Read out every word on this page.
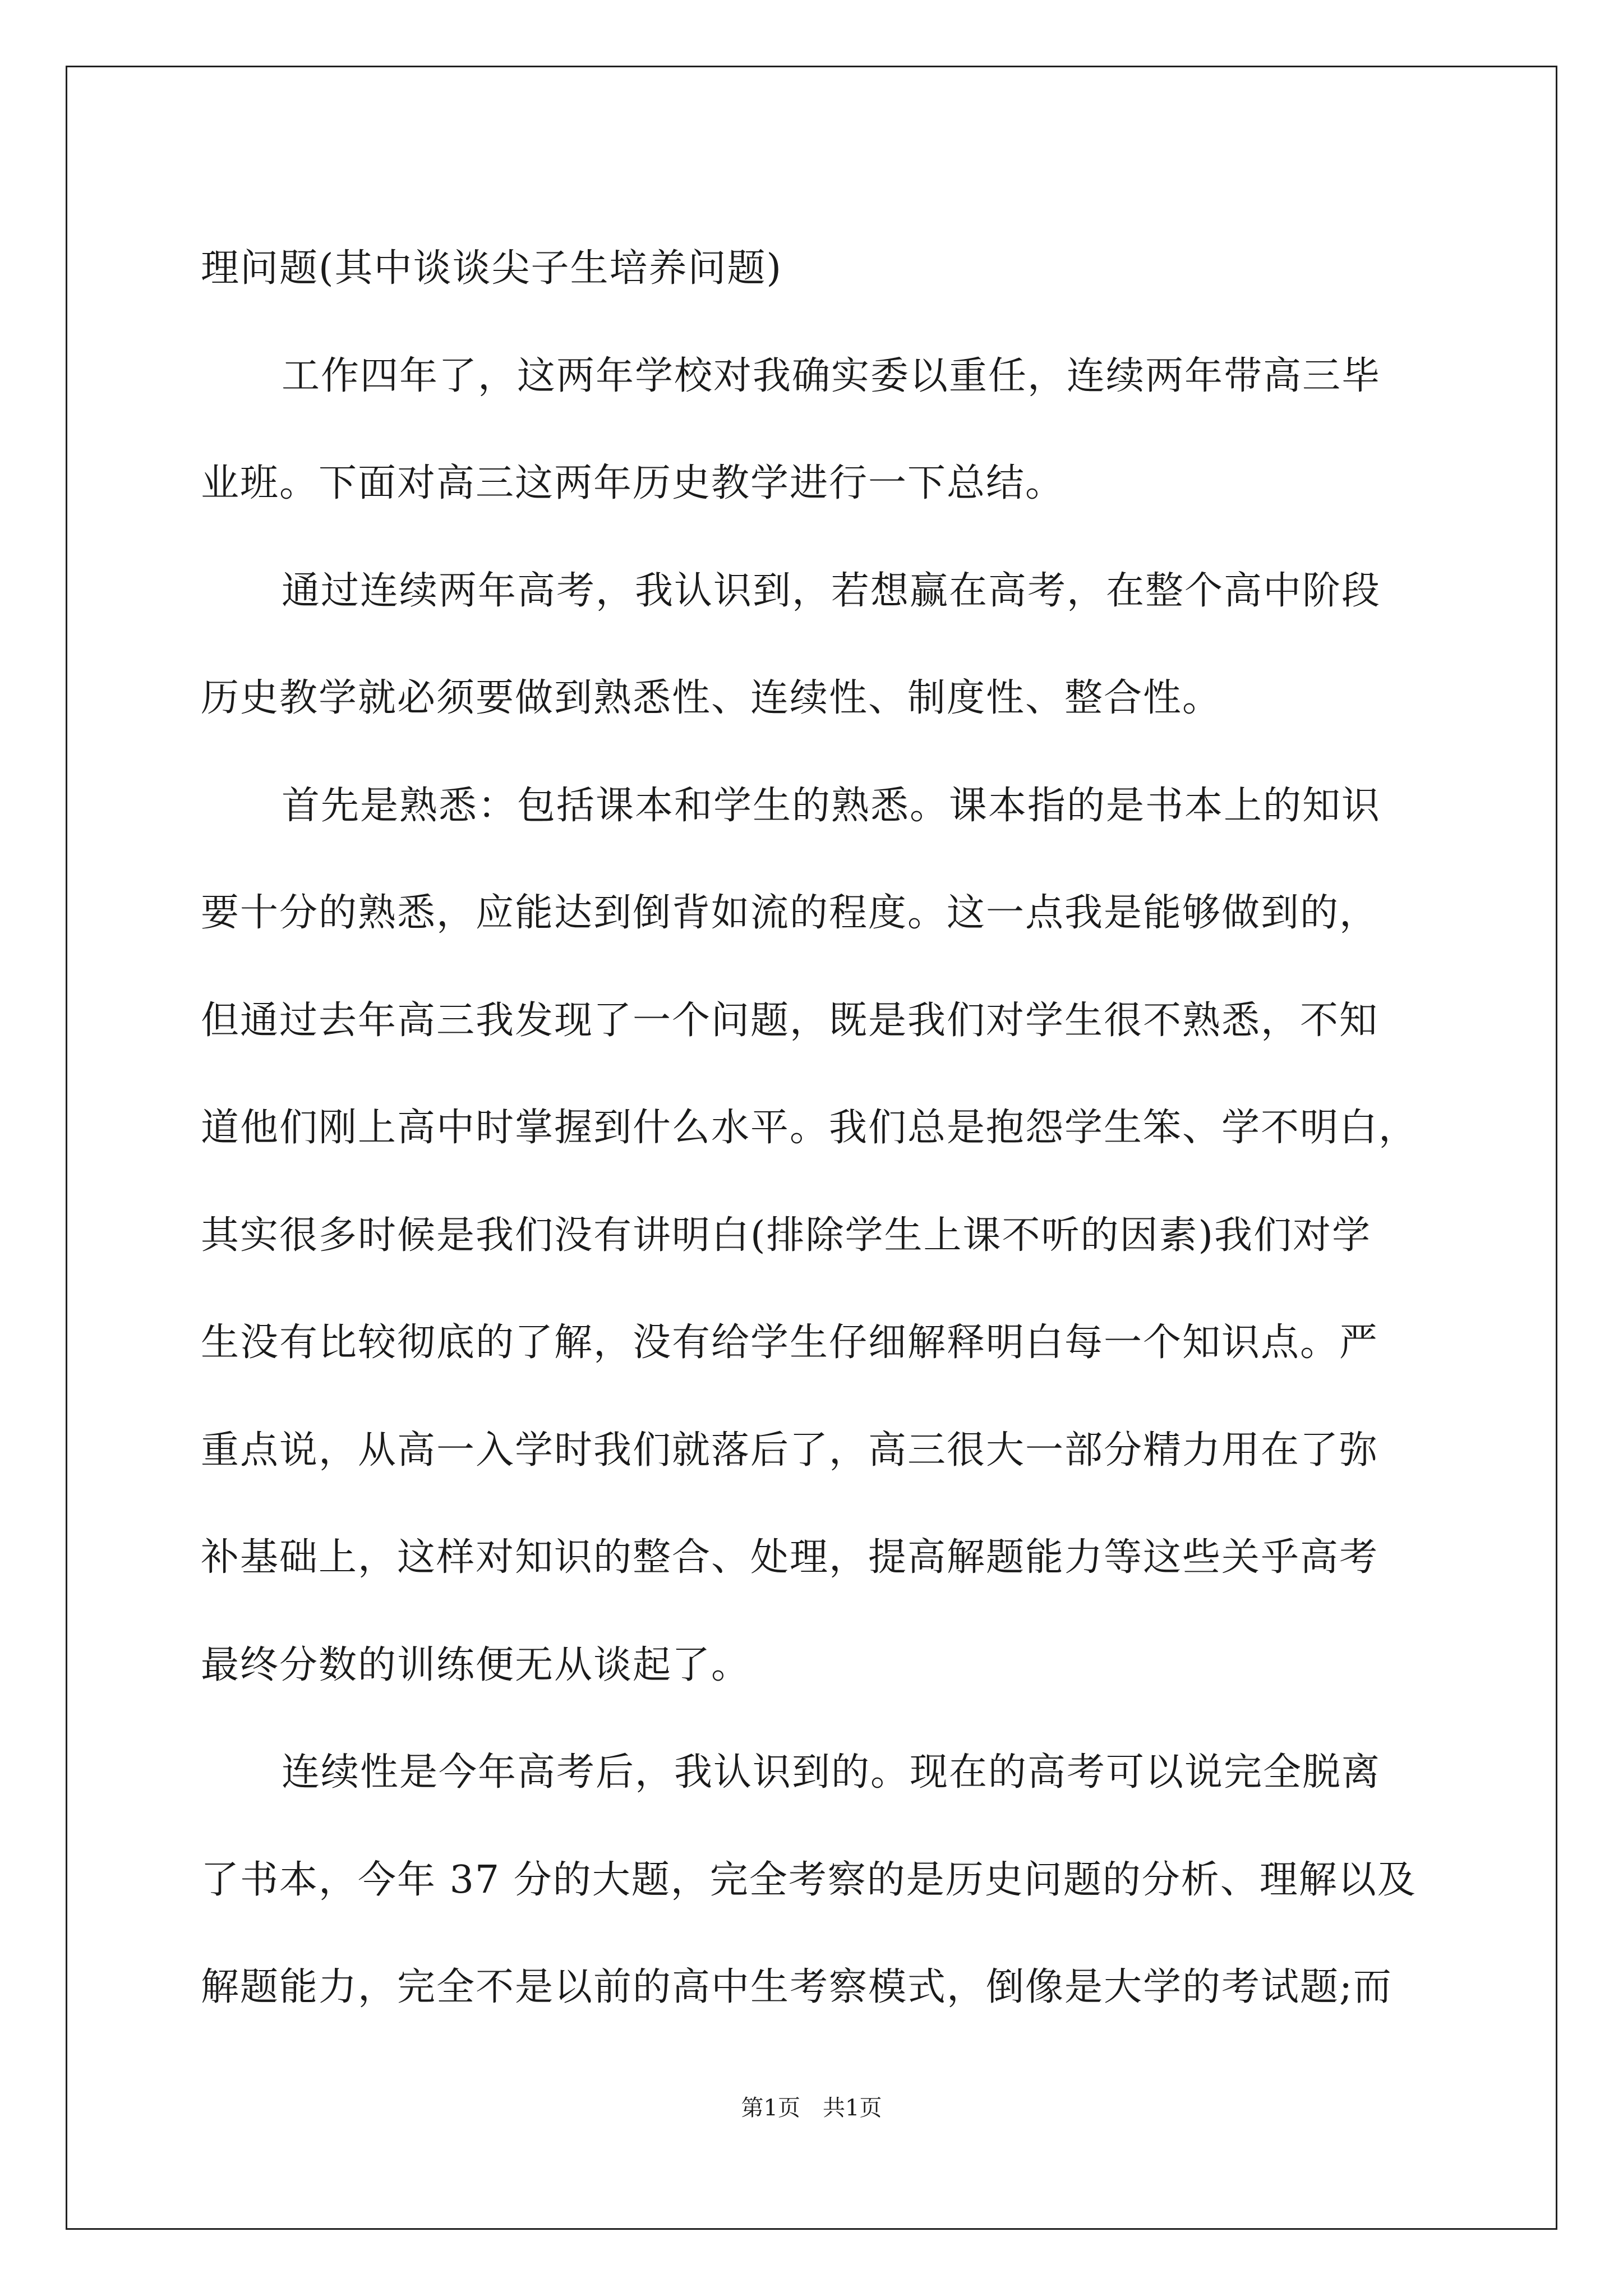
理问题(其中谈谈尖子生培养问题)
工作四年了，这两年学校对我确实委以重任，连续两年带高三毕
业班。下面对高三这两年历史教学进行一下总结。
通过连续两年高考，我认识到，若想赢在高考，在整个高中阶段
历史教学就必须要做到熟悉性、连续性、制度性、整合性。
首先是熟悉：包括课本和学生的熟悉。课本指的是书本上的知识
要十分的熟悉，应能达到倒背如流的程度。这一点我是能够做到的，
但通过去年高三我发现了一个问题，既是我们对学生很不熟悉，不知
道他们刚上高中时掌握到什么水平。我们总是抱怨学生笨、学不明白，
其实很多时候是我们没有讲明白(排除学生上课不听的因素)我们对学
生没有比较彻底的了解，没有给学生仔细解释明白每一个知识点。严
重点说，从高一入学时我们就落后了，高三很大一部分精力用在了弥
补基础上，这样对知识的整合、处理，提高解题能力等这些关乎高考
最终分数的训练便无从谈起了。
连续性是今年高考后，我认识到的。现在的高考可以说完全脱离
了书本，今年 37 分的大题，完全考察的是历史问题的分析、理解以及
解题能力，完全不是以前的高中生考察模式，倒像是大学的考试题;而
第1页 共1页
